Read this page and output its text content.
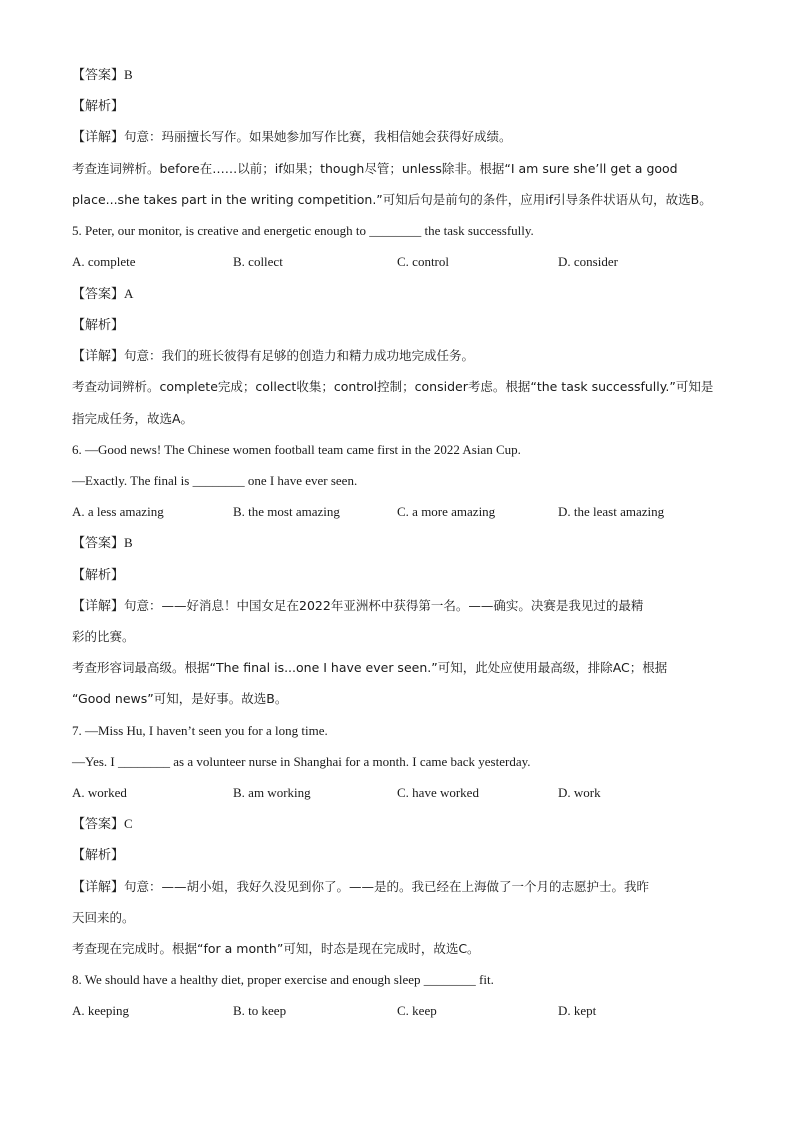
【答案】B
【解析】
【详解】句意：玛丽擅长写作。如果她参加写作比赛，我相信她会获得好成绩。
考查连词辨析。before在……以前；if如果；though尽管；unless除非。根据“I am sure she’ll get a good
place...she takes part in the writing competition.”可知后句是前句的条件，应用if引导条件状语从句，故选B。
5. Peter, our monitor, is creative and energetic enough to ________ the task successfully.
A. complete	B. collect	C. control	D. consider
【答案】A
【解析】
【详解】句意：我们的班长彼得有足够的创造力和精力成功地完成任务。
考查动词辨析。complete完成；collect收集；control控制；consider考虑。根据“the task successfully.”可知是
指完成任务，故选A。
6. —Good news! The Chinese women football team came first in the 2022 Asian Cup.
—Exactly. The final is ________ one I have ever seen.
A. a less amazing	B. the most amazing	C. a more amazing	D. the least amazing
【答案】B
【解析】
【详解】句意：——好消息！中国女足在2022年亚洲杯中获得第一名。——确实。决赛是我见过的最精
彩的比赛。
考查形容词最高级。根据“The final is...one I have ever seen.”可知，此处应使用最高级，排除AC；根据
“Good news”可知，是好事。故选B。
7. —Miss Hu, I haven’t seen you for a long time.
—Yes. I ________ as a volunteer nurse in Shanghai for a month. I came back yesterday.
A. worked	B. am working	C. have worked	D. work
【答案】C
【解析】
【详解】句意：——胡小姐，我好久没见到你了。——是的。我已经在上海做了一个月的志愿护士。我昨
天回来的。
考查现在完成时。根据“for a month”可知，时态是现在完成时，故选C。
8. We should have a healthy diet, proper exercise and enough sleep ________ fit.
A. keeping	B. to keep	C. keep	D. kept
